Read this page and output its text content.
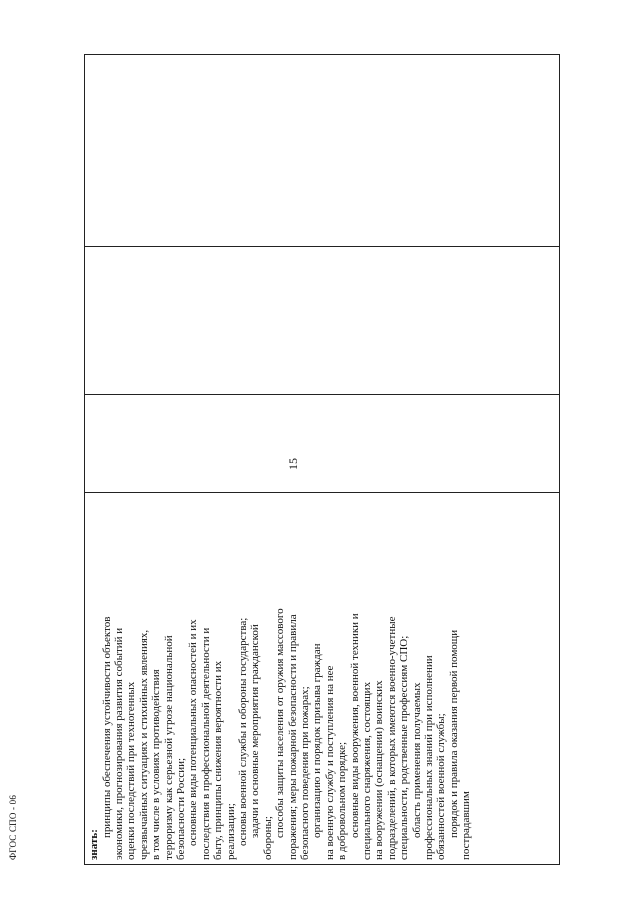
15
знать:
принципы обеспечения устойчивости объектов экономики, прогнозирования развития событий и оценки последствий при техногенных чрезвычайных ситуациях и стихийных явлениях, в том числе в условиях противодействия терроризму как серьезной угрозе национальной безопасности России; основные виды потенциальных опасностей и их последствия в профессиональной деятельности и быту, принципы снижения вероятности их реализации; основы военной службы и обороны государства; задачи и основные мероприятия гражданской
обороны;
способы защиты населения от оружия массового поражения; меры пожарной безопасности и правила безопасного поведения при пожарах; организацию и порядок призыва граждан на военную службу и поступления на нее в добровольном порядке; основные виды вооружения, военной техники и специального снаряжения, состоящих на вооружении (оснащении) воинских подразделений, в которых имеются военно-учетные специальности, родственные профессиям СПО; область применения получаемых профессиональных знаний при исполнении обязанностей военной службы; порядок и правила оказания первой помощи пострадавшим

ФГОС СПО - 06
